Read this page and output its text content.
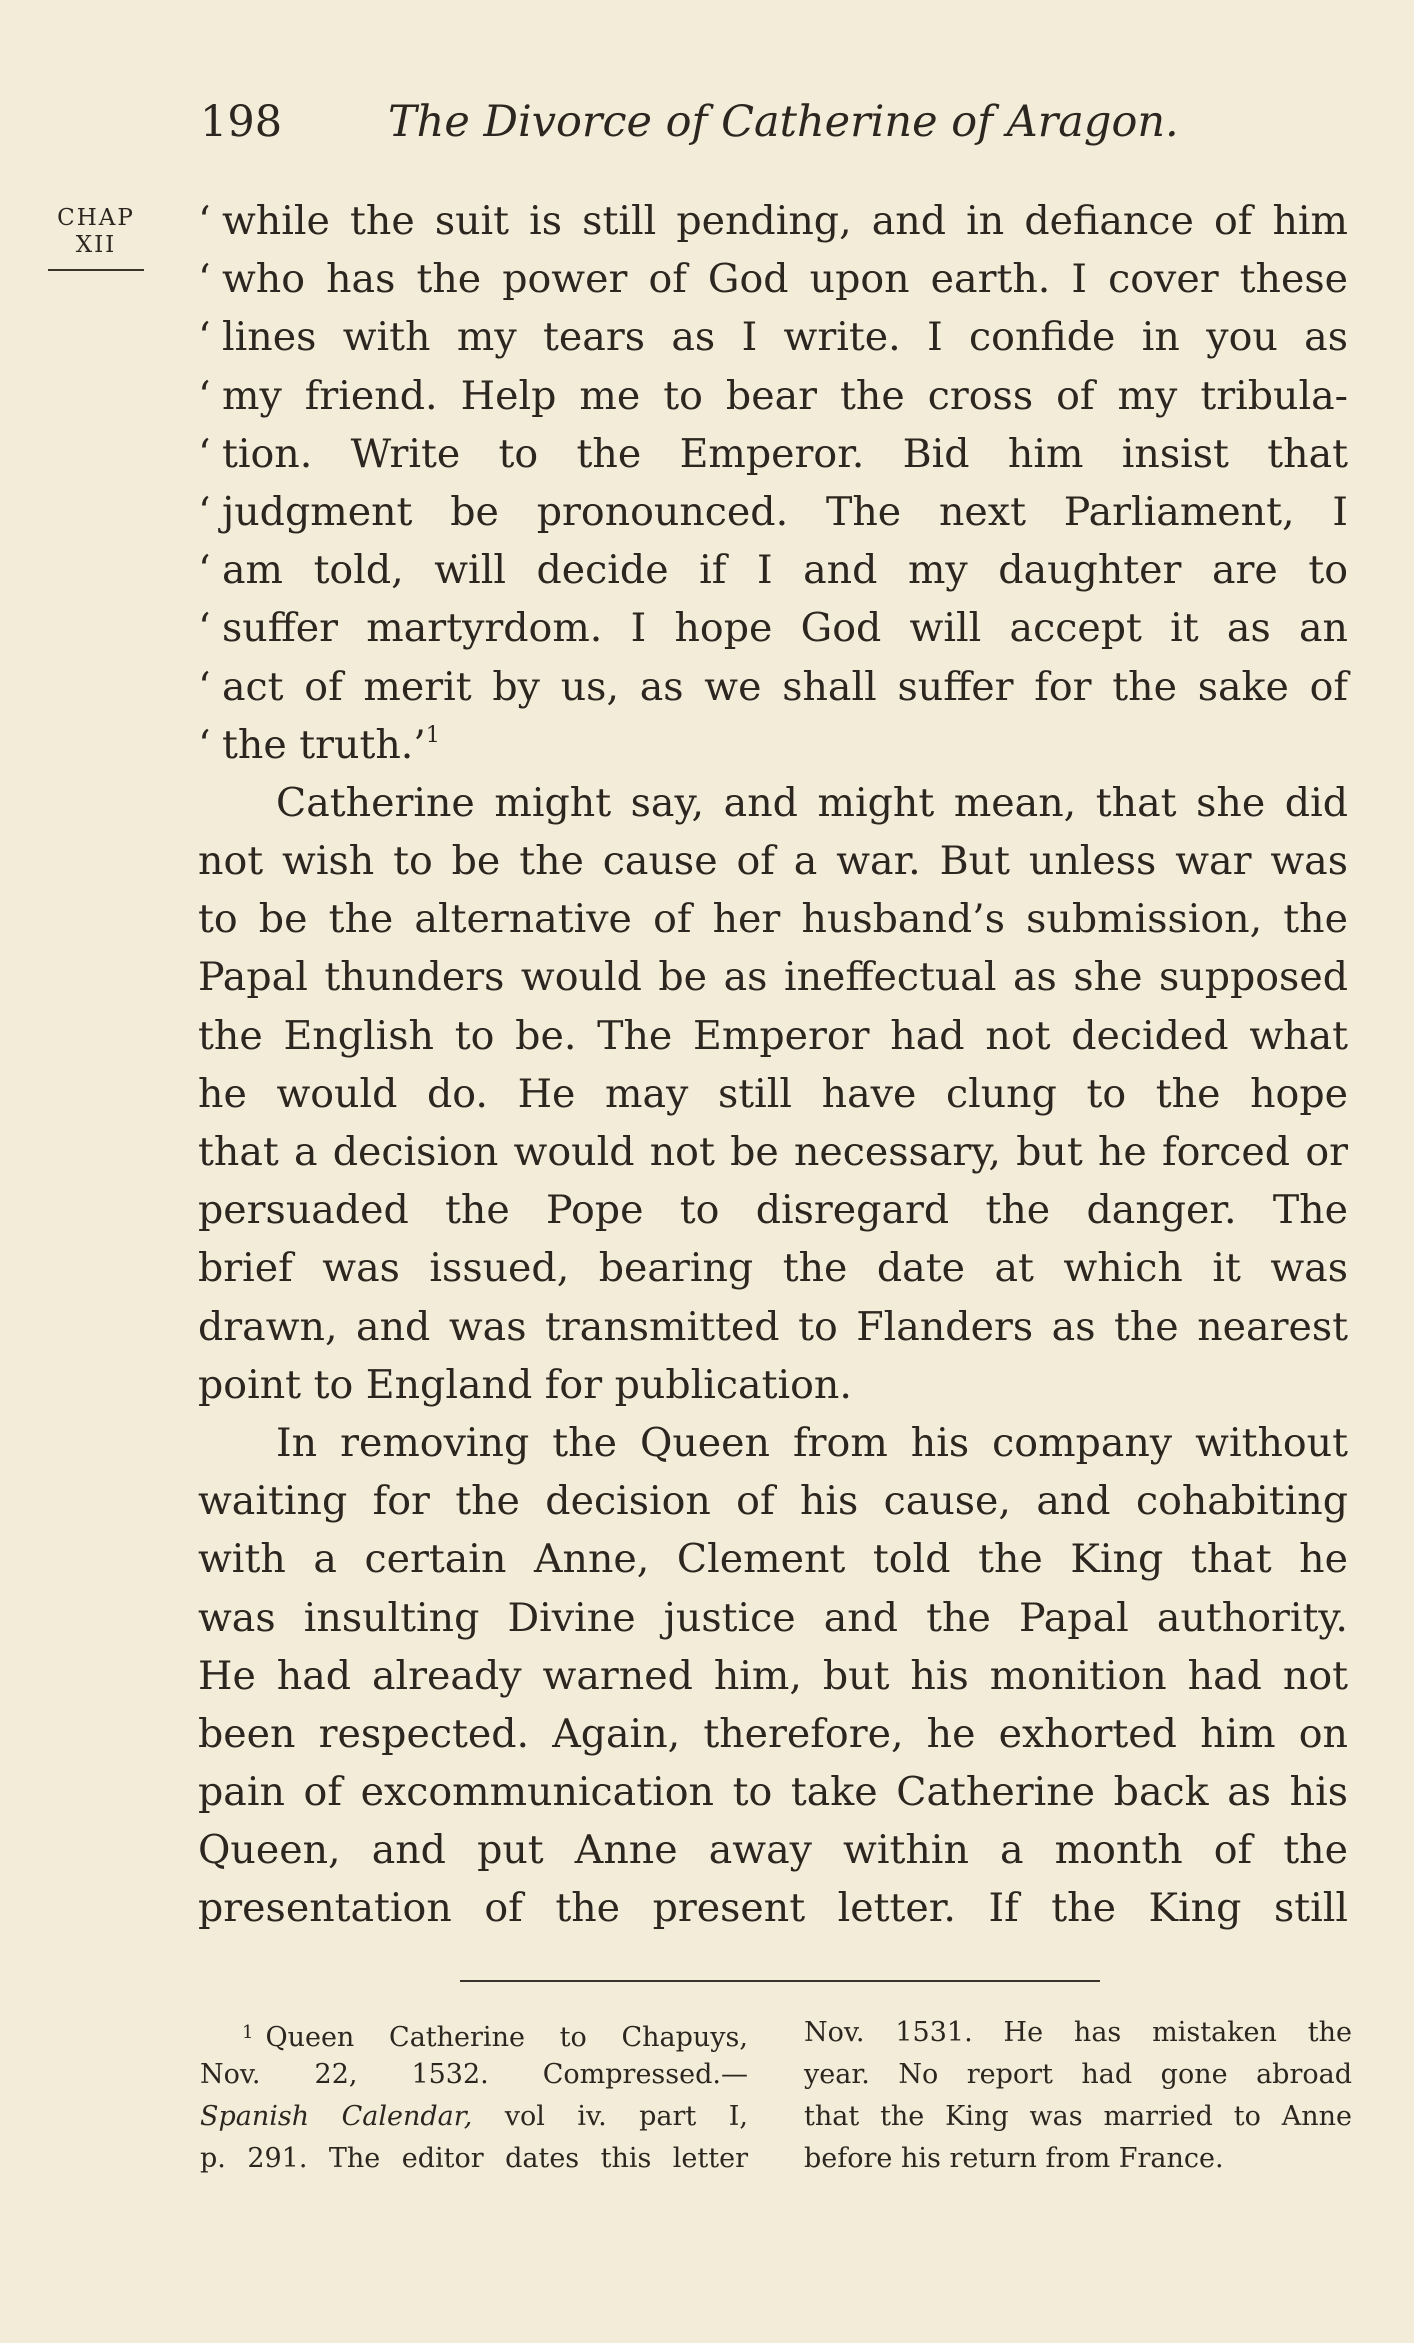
198 The Divorce of Catherine of Aragon.
CHAP
XII
‘ while the suit is still pending, and in defiance of him
‘ who has the power of God upon earth. I cover these
‘ lines with my tears as I write. I confide in you as
‘ my friend. Help me to bear the cross of my tribula-
‘ tion. Write to the Emperor. Bid him insist that
‘ judgment be pronounced. The next Parliament, I
‘ am told, will decide if I and my daughter are to
‘ suffer martyrdom. I hope God will accept it as an
‘ act of merit by us, as we shall suffer for the sake of
‘ the truth.’$^1$
Catherine might say, and might mean, that she did
not wish to be the cause of a war. But unless war was
to be the alternative of her husband’s submission, the
Papal thunders would be as ineffectual as she supposed
the English to be. The Emperor had not decided what
he would do. He may still have clung to the hope
that a decision would not be necessary, but he forced or
persuaded the Pope to disregard the danger. The
brief was issued, bearing the date at which it was
drawn, and was transmitted to Flanders as the nearest
point to England for publication.
In removing the Queen from his company without
waiting for the decision of his cause, and cohabiting
with a certain Anne, Clement told the King that he
was insulting Divine justice and the Papal authority.
He had already warned him, but his monition had not
been respected. Again, therefore, he exhorted him on
pain of excommunication to take Catherine back as his
Queen, and put Anne away within a month of the
presentation of the present letter. If the King still
$^1$ Queen Catherine to Chapuys,
Nov. 22, 1532. Compressed.—
Spanish Calendar, vol iv. part I,
p. 291. The editor dates this letter
Nov. 1531. He has mistaken the
year. No report had gone abroad
that the King was married to Anne
before his return from France.
